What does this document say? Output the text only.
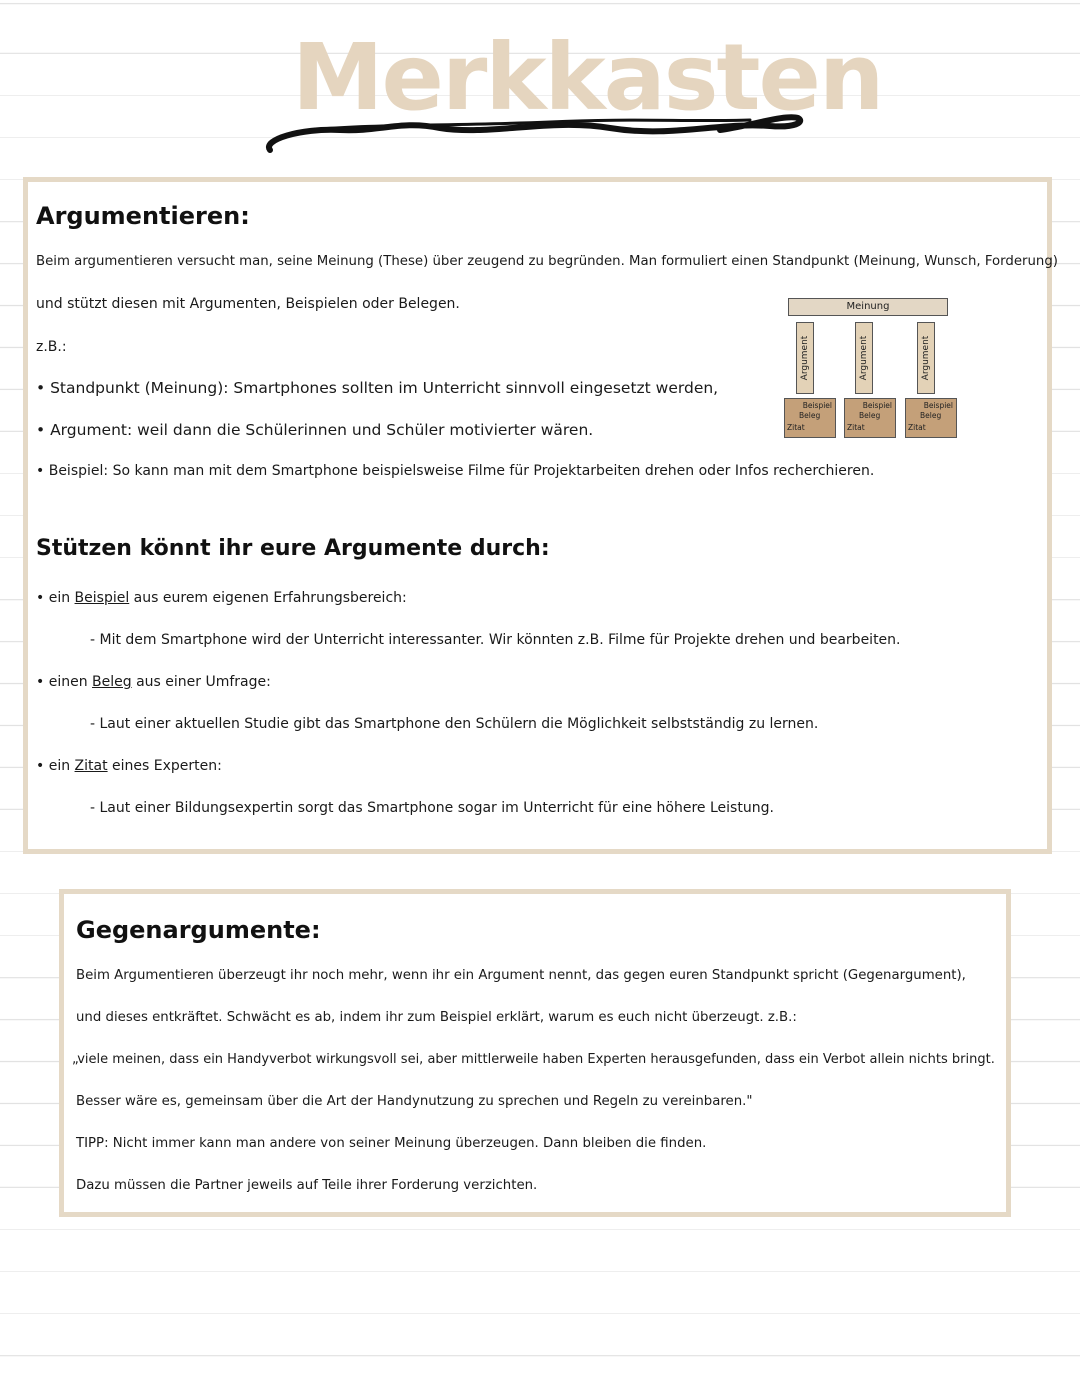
Merkkasten
Argumentieren:
Beim argumentieren versucht man, seine Meinung (These) über zeugend zu begründen. Man formuliert einen Standpunkt (Meinung, Wunsch, Forderung)
und stützt diesen mit Argumenten, Beispielen oder Belegen.
z.B.:
• Standpunkt (Meinung): Smartphones sollten im Unterricht sinnvoll eingesetzt werden,
• Argument: weil dann die Schülerinnen und Schüler motivierter wären.
• Beispiel: So kann man mit dem Smartphone beispielsweise Filme für Projektarbeiten drehen oder Infos recherchieren.
Meinung
Argument	Argument	Argument
Beispiel
Beleg
Zitat
Beispiel
Beleg
Zitat
Beispiel
Beleg
Zitat
Stützen könnt ihr eure Argumente durch:
• ein Beispiel aus eurem eigenen Erfahrungsbereich:
- Mit dem Smartphone wird der Unterricht interessanter. Wir könnten z.B. Filme für Projekte drehen und bearbeiten.
• einen Beleg aus einer Umfrage:
- Laut einer aktuellen Studie gibt das Smartphone den Schülern die Möglichkeit selbstständig zu lernen.
• ein Zitat eines Experten:
- Laut einer Bildungsexpertin sorgt das Smartphone sogar im Unterricht für eine höhere Leistung.
Gegenargumente:
Beim Argumentieren überzeugt ihr noch mehr, wenn ihr ein Argument nennt, das gegen euren Standpunkt spricht (Gegenargument),
und dieses entkräftet. Schwächt es ab, indem ihr zum Beispiel erklärt, warum es euch nicht überzeugt. z.B.:
„viele meinen, dass ein Handyverbot wirkungsvoll sei, aber mittlerweile haben Experten herausgefunden, dass ein Verbot allein nichts bringt.
Besser wäre es, gemeinsam über die Art der Handynutzung zu sprechen und Regeln zu vereinbaren."
TIPP: Nicht immer kann man andere von seiner Meinung überzeugen. Dann bleiben die finden.
Dazu müssen die Partner jeweils auf Teile ihrer Forderung verzichten.
